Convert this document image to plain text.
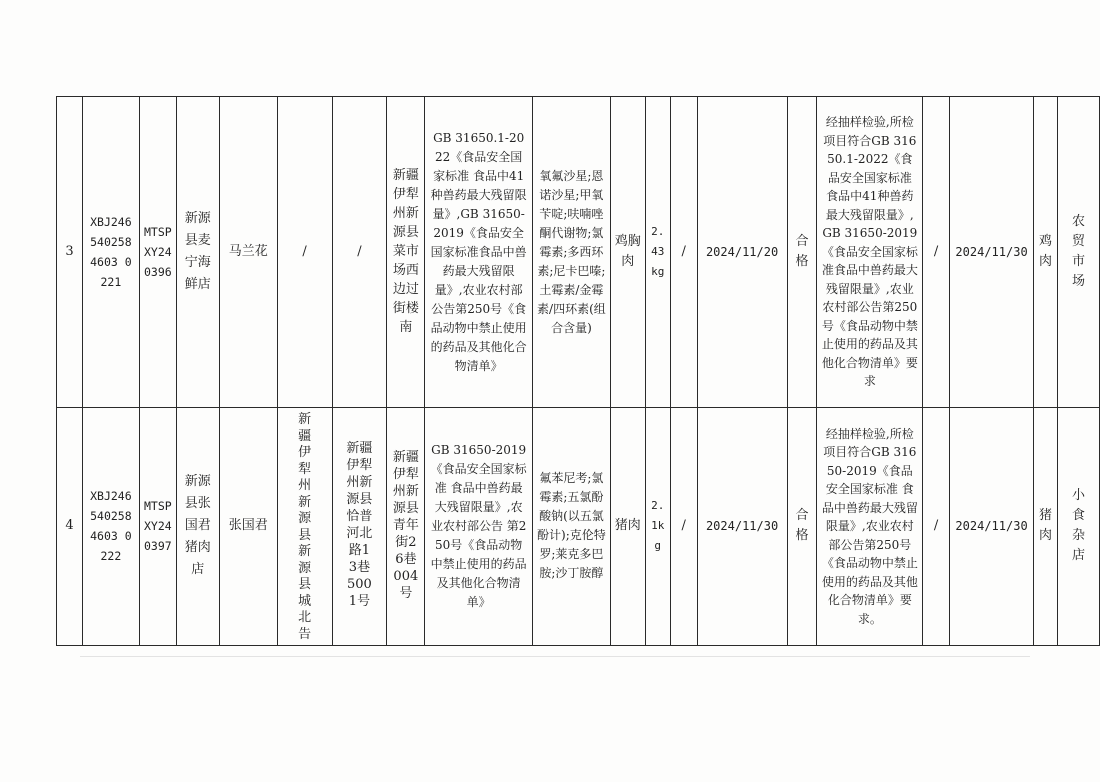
3	XBJ2465402584603 0221	MTSPXY240396	新源县麦宁海鲜店	马兰花	/	/	新疆伊犁州新源县菜市场西边过街楼南	GB 31650.1-2022《食品安全国家标准 食品中41种兽药最大残留限量》,GB 31650-2019《食品安全国家标准食品中兽药最大残留限量》,农业农村部公告第250号《食品动物中禁止使用的药品及其他化合物清单》	氧氟沙星;恩诺沙星;甲氧苄啶;呋喃唑酮代谢物;氯霉素;多西环素;尼卡巴嗪;土霉素/金霉素/四环素(组合含量)	鸡胸肉	2.43kg	/	2024/11/20	合格	经抽样检验,所检项目符合GB 31650.1-2022《食品安全国家标准 食品中41种兽药最大残留限量》,GB 31650-2019《食品安全国家标准食品中兽药最大残留限量》,农业农村部公告第250号《食品动物中禁止使用的药品及其他化合物清单》要求	/	2024/11/30	鸡肉	农贸市场
4	XBJ2465402584603 0222	MTSPXY240397	新源县张国君猪肉店	张国君	新疆伊犁州新源县新源县城北告	新疆伊犁州新源县恰普河北路13巷5001号	新疆伊犁州新源县青年街26巷004号	GB 31650-2019《食品安全国家标准 食品中兽药最大残留限量》,农业农村部公告 第250号《食品动物中禁止使用的药品及其他化合物清单》	氟苯尼考;氯霉素;五氯酚酸钠(以五氯酚计);克伦特罗;莱克多巴胺;沙丁胺醇	猪肉	2.1kg	/	2024/11/30	合格	经抽样检验,所检项目符合GB 31650-2019《食品安全国家标准 食品中兽药最大残留限量》,农业农村部公告第250号《食品动物中禁止使用的药品及其他化合物清单》要求。	/	2024/11/30	猪肉	小食杂店
